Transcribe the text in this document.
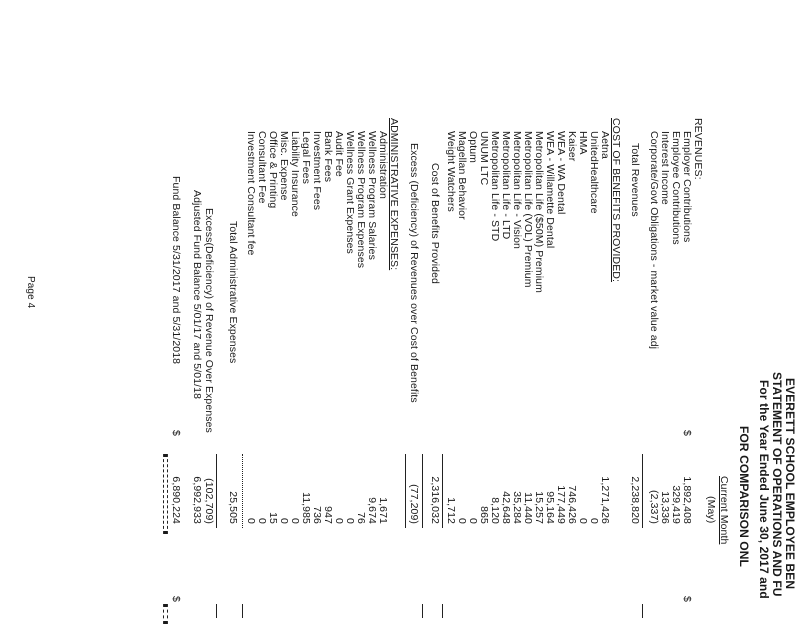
EVERETT SCHOOL EMPLOYEE BEN
STATEMENT OF OPERATIONS AND FU
For the Year Ended June 30, 2017 and
FOR COMPARISON ONL
Current Month
(May)
REVENUES:
Employer Contributions
$
1,892,408
Employee Contributions
329,419
Interest Income
13,336
Corporate/Govt Obligations - market value adj
(2,337)
Total Revenues
2,238,820
COST OF BENEFITS PROVIDED:
Aetna
1,271,426
UnitedHealthcare
0
HMA
0
Kaiser
746,426
WEA - WA Dental
177,449
WEA - Willamette Dental
95,164
Metropolitan Life ($50M) Premium
15,257
Metropolitan Life (VOL) Premium
11,440
Metropolitan Life - Vision
35,284
Metropolitan Life - LTD
42,648
Metropolitan Life - STD
8,120
UNUM LTC
865
Optum
0
Magellan Behavior
0
Weight Watchers
1,712
Cost of Benefits Provided
2,316,032
Excess (Deficiency) of Revenues over Cost of Benefits
(77,209)
ADMINISTRATIVE EXPENSES:
Administration
1,671
Wellness Program Salaries
9,674
Wellness Program Expenses
76
Wellness Grant Expenses
0
Audit Fee
0
Bank Fees
947
Investment Fees
736
Legal Fees
11,985
Liability Insurance
0
Misc. Expense
0
Office & Printing
15
Consultant Fee
0
Investment Consultant fee
0
Total Administrative Expenses
25,505
Excess(Deficiency) of Revenue Over Expenses
(102,709)
Adjusted Fund Balance 5/01/17 and 5/01/18
6,992,933
Fund Balance 5/31/2017 and 5/31/2018
$
6,890,224
$
$
Page 4
